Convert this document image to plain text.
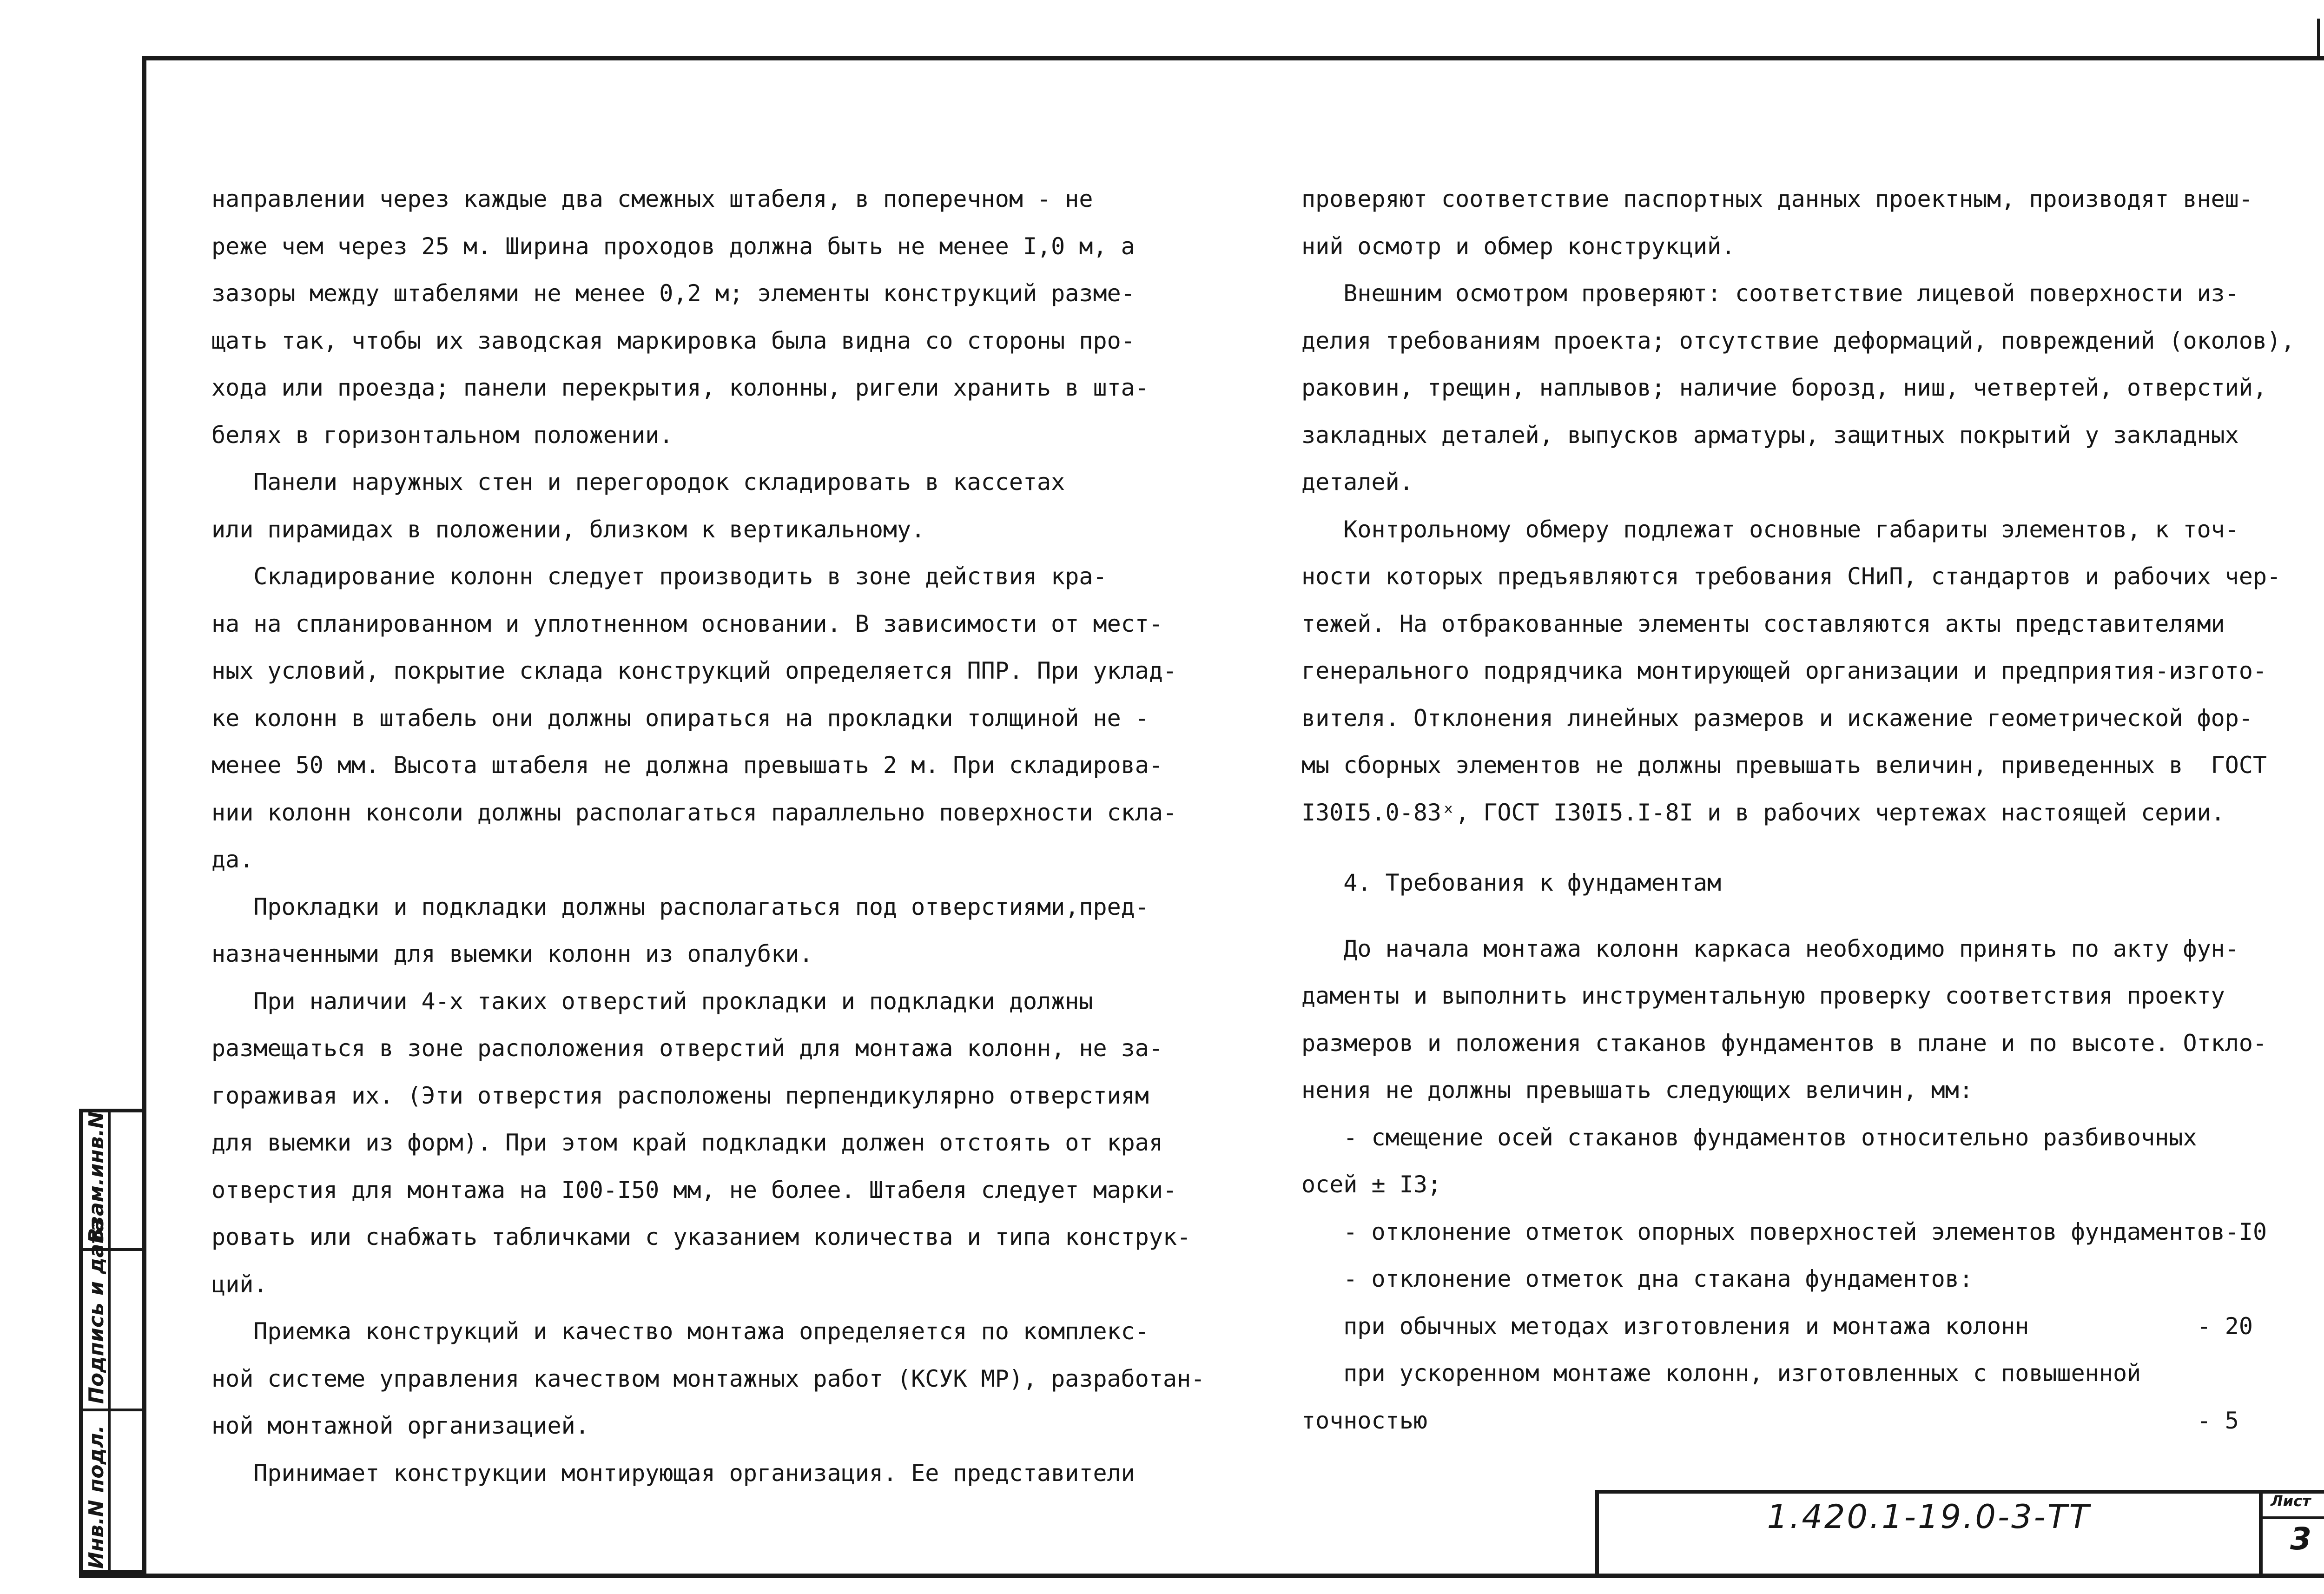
Инв.N подл.
Подпись и дата
Взам.инв.N
направлении через каждые два смежных штабеля, в поперечном - не
реже чем через 25 м. Ширина проходов должна быть не менее I,0 м, а
зазоры между штабелями не менее 0,2 м; элементы конструкций разме-
щать так, чтобы их заводская маркировка была видна со стороны про-
хода или проезда; панели перекрытия, колонны, ригели хранить в шта-
белях в горизонтальном положении.
Панели наружных стен и перегородок складировать в кассетах
или пирамидах в положении, близком к вертикальному.
Складирование колонн следует производить в зоне действия кра-
на на спланированном и уплотненном основании. В зависимости от мест-
ных условий, покрытие склада конструкций определяется ППР. При уклад-
ке колонн в штабель они должны опираться на прокладки толщиной не -
менее 50 мм. Высота штабеля не должна превышать 2 м. При складирова-
нии колонн консоли должны располагаться параллельно поверхности скла-
да.
Прокладки и подкладки должны располагаться под отверстиями,пред-
назначенными для выемки колонн из опалубки.
При наличии 4-х таких отверстий прокладки и подкладки должны
размещаться в зоне расположения отверстий для монтажа колонн, не за-
гораживая их. (Эти отверстия расположены перпендикулярно отверстиям
для выемки из форм). При этом край подкладки должен отстоять от края
отверстия для монтажа на I00-I50 мм, не более. Штабеля следует марки-
ровать или снабжать табличками с указанием количества и типа конструк-
ций.
Приемка конструкций и качество монтажа определяется по комплекс-
ной системе управления качеством монтажных работ (КСУК МР), разработан-
ной монтажной организацией.
Принимает конструкции монтирующая организация. Ее представители
проверяют соответствие паспортных данных проектным, производят внеш-
ний осмотр и обмер конструкций.
Внешним осмотром проверяют: соответствие лицевой поверхности из-
делия требованиям проекта; отсутствие деформаций, повреждений (околов),
раковин, трещин, наплывов; наличие борозд, ниш, четвертей, отверстий,
закладных деталей, выпусков арматуры, защитных покрытий у закладных
деталей.
Контрольному обмеру подлежат основные габариты элементов, к точ-
ности которых предъявляются требования СНиП, стандартов и рабочих чер-
тежей. На отбракованные элементы составляются акты представителями
генерального подрядчика монтирующей организации и предприятия-изгото-
вителя. Отклонения линейных размеров и искажение геометрической фор-
мы сборных элементов не должны превышать величин, приведенных в  ГОСТ
I30I5.0-83ˣ, ГОСТ I30I5.I-8I и в рабочих чертежах настоящей серии.
4. Требования к фундаментам
До начала монтажа колонн каркаса необходимо принять по акту фун-
даменты и выполнить инструментальную проверку соответствия проекту
размеров и положения стаканов фундаментов в плане и по высоте. Откло-
нения не должны превышать следующих величин, мм:
- смещение осей стаканов фундаментов относительно разбивочных
осей ± I3;
- отклонение отметок опорных поверхностей элементов фундаментов-I0
- отклонение отметок дна стакана фундаментов:
при обычных методах изготовления и монтажа колонн            - 20
при ускоренном монтаже колонн, изготовленных с повышенной
точностью                                                       - 5
1.420.1-19.0-3-ТТ	Лист
3
